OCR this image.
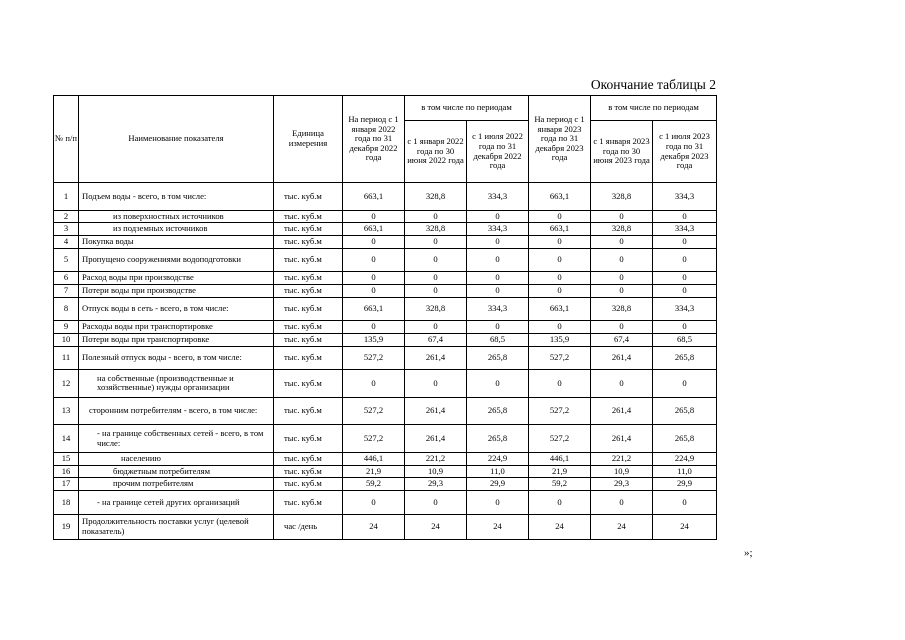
Окончание таблицы 2
№ п/п	Наименование показателя	Единица измерения	На период с 1 января 2022 года по 31 декабря 2022 года	в том числе по периодам		На период с 1 января 2023 года по 31 декабря 2023 года	в том числе по периодам	
				с 1 января 2022 года по 30 июня 2022 года	с 1 июля 2022 года по 31 декабря 2022 года		с 1 января 2023 года по 30 июня 2023 года	с 1 июля 2023 года по 31 декабря 2023 года
1	Подъем воды - всего, в том числе:	тыс. куб.м	663,1	328,8	334,3	663,1	328,8	334,3
2	из поверхностных источников	тыс. куб.м	0	0	0	0	0	0
3	из подземных источников	тыс. куб.м	663,1	328,8	334,3	663,1	328,8	334,3
4	Покупка воды	тыс. куб.м	0	0	0	0	0	0
5	Пропущено сооружениями водоподготовки	тыс. куб.м	0	0	0	0	0	0
6	Расход воды при производстве	тыс. куб.м	0	0	0	0	0	0
7	Потери воды при производстве	тыс. куб.м	0	0	0	0	0	0
8	Отпуск воды в сеть - всего, в том числе:	тыс. куб.м	663,1	328,8	334,3	663,1	328,8	334,3
9	Расходы воды при транспортировке	тыс. куб.м	0	0	0	0	0	0
10	Потери воды при транспортировке	тыс. куб.м	135,9	67,4	68,5	135,9	67,4	68,5
11	Полезный отпуск воды - всего, в том числе:	тыс. куб.м	527,2	261,4	265,8	527,2	261,4	265,8
12	на собственные (производственные и хозяйственные) нужды организации	тыс. куб.м	0	0	0	0	0	0
13	сторонним потребителям - всего, в том числе:	тыс. куб.м	527,2	261,4	265,8	527,2	261,4	265,8
14	- на границе собственных сетей - всего, в том числе:	тыс. куб.м	527,2	261,4	265,8	527,2	261,4	265,8
15	населению	тыс. куб.м	446,1	221,2	224,9	446,1	221,2	224,9
16	бюджетным потребителям	тыс. куб.м	21,9	10,9	11,0	21,9	10,9	11,0
17	прочим потребителям	тыс. куб.м	59,2	29,3	29,9	59,2	29,3	29,9
18	- на границе сетей других организаций	тыс. куб.м	0	0	0	0	0	0
19	Продолжительность поставки услуг (целевой показатель)	час /день	24	24	24	24	24	24
»;
